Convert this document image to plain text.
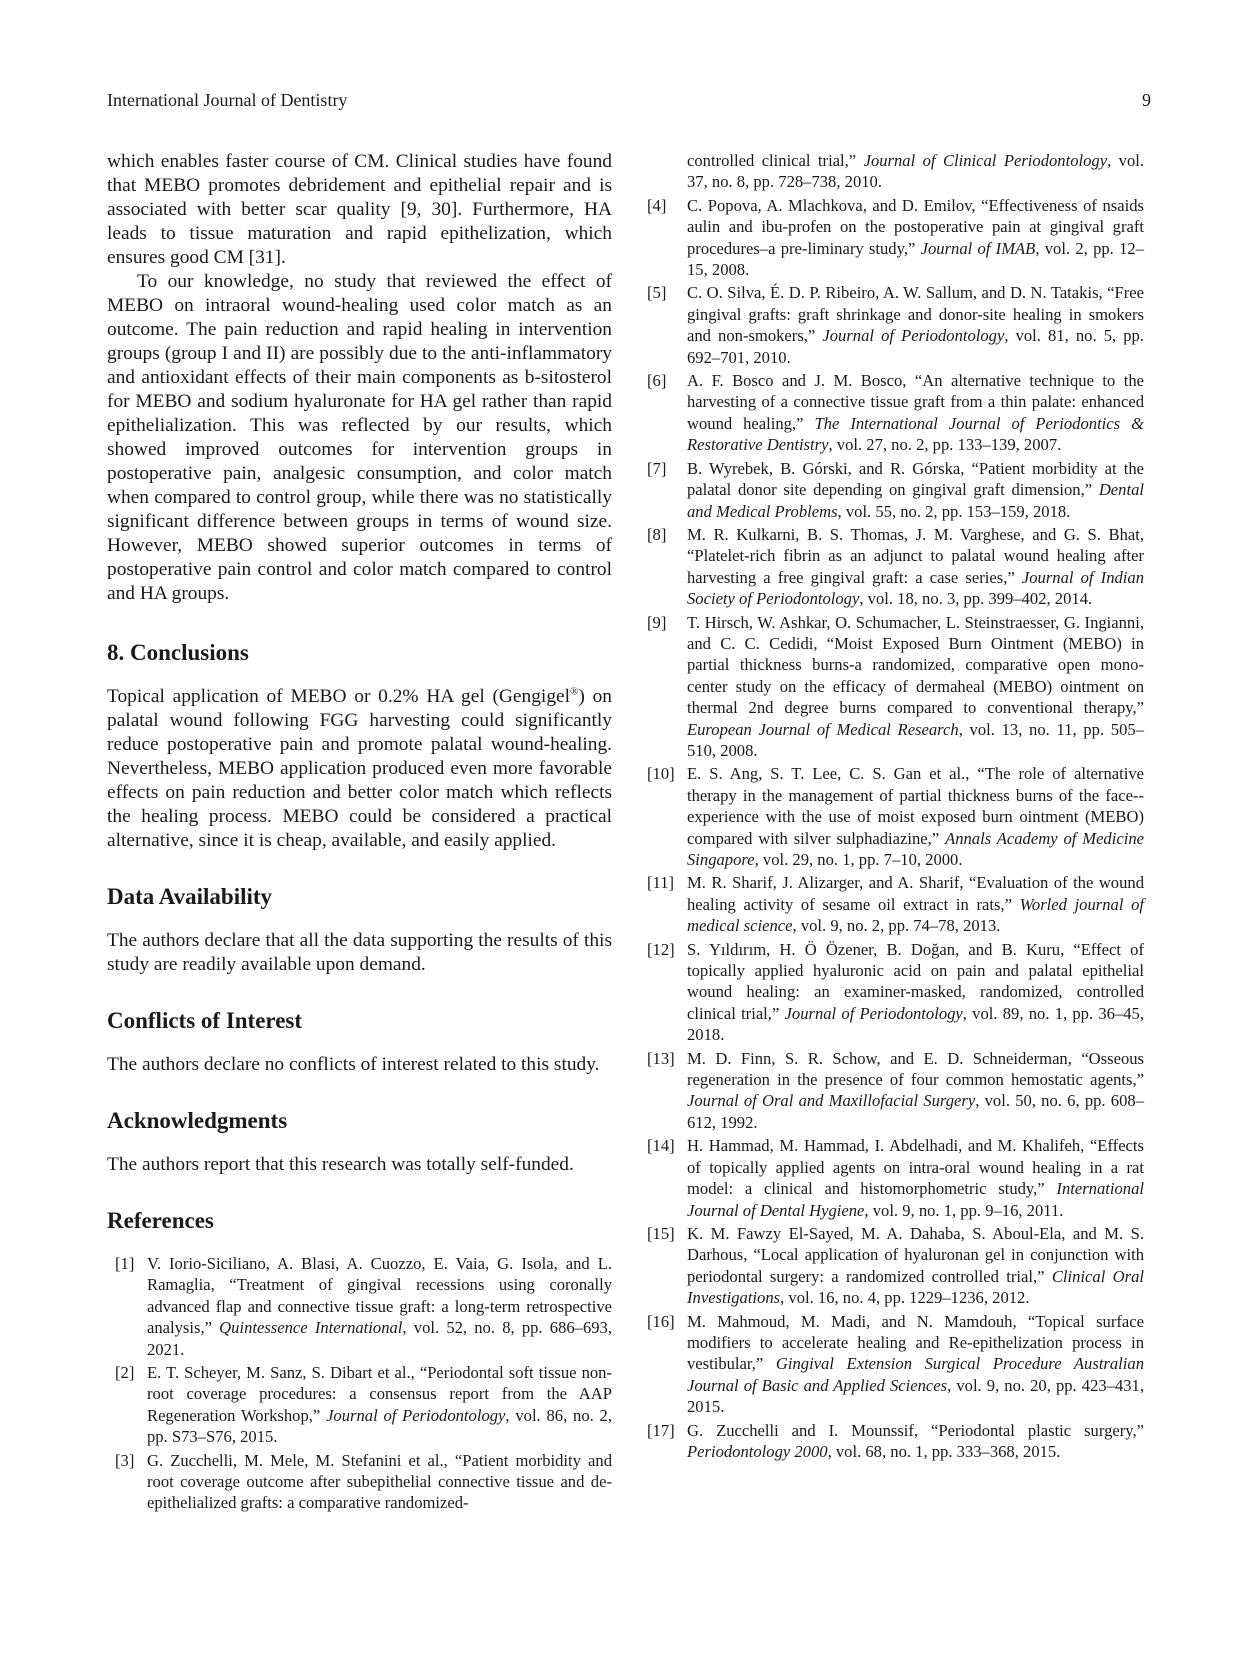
International Journal of Dentistry	9

which enables faster course of CM. Clinical studies have found that MEBO promotes debridement and epithelial repair and is associated with better scar quality [9, 30]. Furthermore, HA leads to tissue maturation and rapid epithelization, which ensures good CM [31].

To our knowledge, no study that reviewed the effect of MEBO on intraoral wound-healing used color match as an outcome. The pain reduction and rapid healing in intervention groups (group I and II) are possibly due to the anti-inflammatory and antioxidant effects of their main components as b-sitosterol for MEBO and sodium hyaluronate for HA gel rather than rapid epithelialization. This was reflected by our results, which showed improved outcomes for intervention groups in postoperative pain, analgesic consumption, and color match when compared to control group, while there was no statistically significant difference between groups in terms of wound size. However, MEBO showed superior outcomes in terms of postoperative pain control and color match compared to control and HA groups.

8. Conclusions

Topical application of MEBO or 0.2% HA gel (Gengigel®) on palatal wound following FGG harvesting could significantly reduce postoperative pain and promote palatal wound-healing. Nevertheless, MEBO application produced even more favorable effects on pain reduction and better color match which reflects the healing process. MEBO could be considered a practical alternative, since it is cheap, available, and easily applied.

Data Availability

The authors declare that all the data supporting the results of this study are readily available upon demand.

Conflicts of Interest

The authors declare no conflicts of interest related to this study.

Acknowledgments

The authors report that this research was totally self-funded.

References
[1] V. Iorio-Siciliano, A. Blasi, A. Cuozzo, E. Vaia, G. Isola, and L. Ramaglia, “Treatment of gingival recessions using coronally advanced flap and connective tissue graft: a long-term retrospective analysis,” Quintessence International, vol. 52, no. 8, pp. 686–693, 2021.
[2] E. T. Scheyer, M. Sanz, S. Dibart et al., “Periodontal soft tissue non-root coverage procedures: a consensus report from the AAP Regeneration Workshop,” Journal of Periodontology, vol. 86, no. 2, pp. S73–S76, 2015.
[3] G. Zucchelli, M. Mele, M. Stefanini et al., “Patient morbidity and root coverage outcome after subepithelial connective tissue and de-epithelialized grafts: a comparative randomized-
controlled clinical trial,” Journal of Clinical Periodontology, vol. 37, no. 8, pp. 728–738, 2010.
[4] C. Popova, A. Mlachkova, and D. Emilov, “Effectiveness of nsaids aulin and ibu-profen on the postoperative pain at gingival graft procedures–a pre-liminary study,” Journal of IMAB, vol. 2, pp. 12–15, 2008.
[5] C. O. Silva, É. D. P. Ribeiro, A. W. Sallum, and D. N. Tatakis, “Free gingival grafts: graft shrinkage and donor-site healing in smokers and non-smokers,” Journal of Periodontology, vol. 81, no. 5, pp. 692–701, 2010.
[6] A. F. Bosco and J. M. Bosco, “An alternative technique to the harvesting of a connective tissue graft from a thin palate: enhanced wound healing,” The International Journal of Periodontics & Restorative Dentistry, vol. 27, no. 2, pp. 133–139, 2007.
[7] B. Wyrebek, B. Górski, and R. Górska, “Patient morbidity at the palatal donor site depending on gingival graft dimension,” Dental and Medical Problems, vol. 55, no. 2, pp. 153–159, 2018.
[8] M. R. Kulkarni, B. S. Thomas, J. M. Varghese, and G. S. Bhat, “Platelet-rich fibrin as an adjunct to palatal wound healing after harvesting a free gingival graft: a case series,” Journal of Indian Society of Periodontology, vol. 18, no. 3, pp. 399–402, 2014.
[9] T. Hirsch, W. Ashkar, O. Schumacher, L. Steinstraesser, G. Ingianni, and C. C. Cedidi, “Moist Exposed Burn Ointment (MEBO) in partial thickness burns-a randomized, comparative open mono-center study on the efficacy of dermaheal (MEBO) ointment on thermal 2nd degree burns compared to conventional therapy,” European Journal of Medical Research, vol. 13, no. 11, pp. 505–510, 2008.
[10] E. S. Ang, S. T. Lee, C. S. Gan et al., “The role of alternative therapy in the management of partial thickness burns of the face--experience with the use of moist exposed burn ointment (MEBO) compared with silver sulphadiazine,” Annals Academy of Medicine Singapore, vol. 29, no. 1, pp. 7–10, 2000.
[11] M. R. Sharif, J. Alizarger, and A. Sharif, “Evaluation of the wound healing activity of sesame oil extract in rats,” Worled journal of medical science, vol. 9, no. 2, pp. 74–78, 2013.
[12] S. Yıldırım, H. Ö Özener, B. Doğan, and B. Kuru, “Effect of topically applied hyaluronic acid on pain and palatal epithelial wound healing: an examiner-masked, randomized, controlled clinical trial,” Journal of Periodontology, vol. 89, no. 1, pp. 36–45, 2018.
[13] M. D. Finn, S. R. Schow, and E. D. Schneiderman, “Osseous regeneration in the presence of four common hemostatic agents,” Journal of Oral and Maxillofacial Surgery, vol. 50, no. 6, pp. 608–612, 1992.
[14] H. Hammad, M. Hammad, I. Abdelhadi, and M. Khalifeh, “Effects of topically applied agents on intra-oral wound healing in a rat model: a clinical and histomorphometric study,” International Journal of Dental Hygiene, vol. 9, no. 1, pp. 9–16, 2011.
[15] K. M. Fawzy El-Sayed, M. A. Dahaba, S. Aboul-Ela, and M. S. Darhous, “Local application of hyaluronan gel in conjunction with periodontal surgery: a randomized controlled trial,” Clinical Oral Investigations, vol. 16, no. 4, pp. 1229–1236, 2012.
[16] M. Mahmoud, M. Madi, and N. Mamdouh, “Topical surface modifiers to accelerate healing and Re-epithelization process in vestibular,” Gingival Extension Surgical Procedure Australian Journal of Basic and Applied Sciences, vol. 9, no. 20, pp. 423–431, 2015.
[17] G. Zucchelli and I. Mounssif, “Periodontal plastic surgery,” Periodontology 2000, vol. 68, no. 1, pp. 333–368, 2015.
